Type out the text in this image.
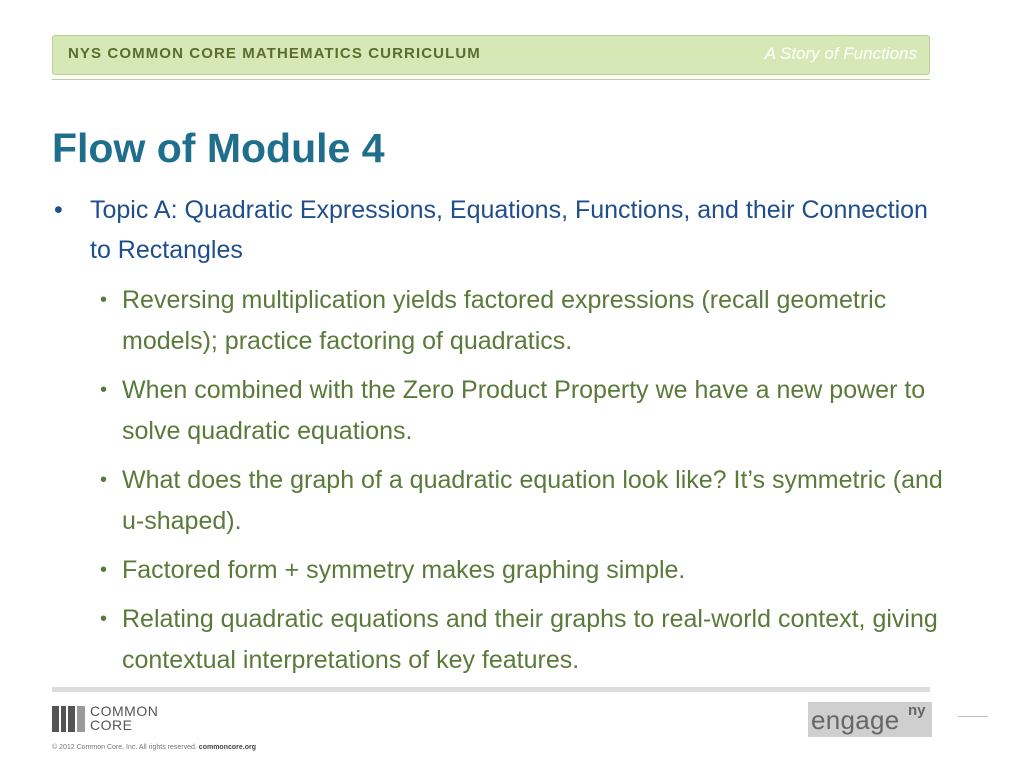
NYS COMMON CORE MATHEMATICS CURRICULUM	A Story of Functions
Flow of Module 4
• Topic A: Quadratic Expressions, Equations, Functions, and their Connection to Rectangles
• Reversing multiplication yields factored expressions (recall geometric models); practice factoring of quadratics.
• When combined with the Zero Product Property we have a new power to solve quadratic equations.
• What does the graph of a quadratic equation look like? It’s symmetric (and u-shaped).
• Factored form + symmetry makes graphing simple.
• Relating quadratic equations and their graphs to real-world context, giving contextual interpretations of key features.
COMMON
CORE
© 2012 Common Core, Inc. All rights reserved. commoncore.org
engage ny
